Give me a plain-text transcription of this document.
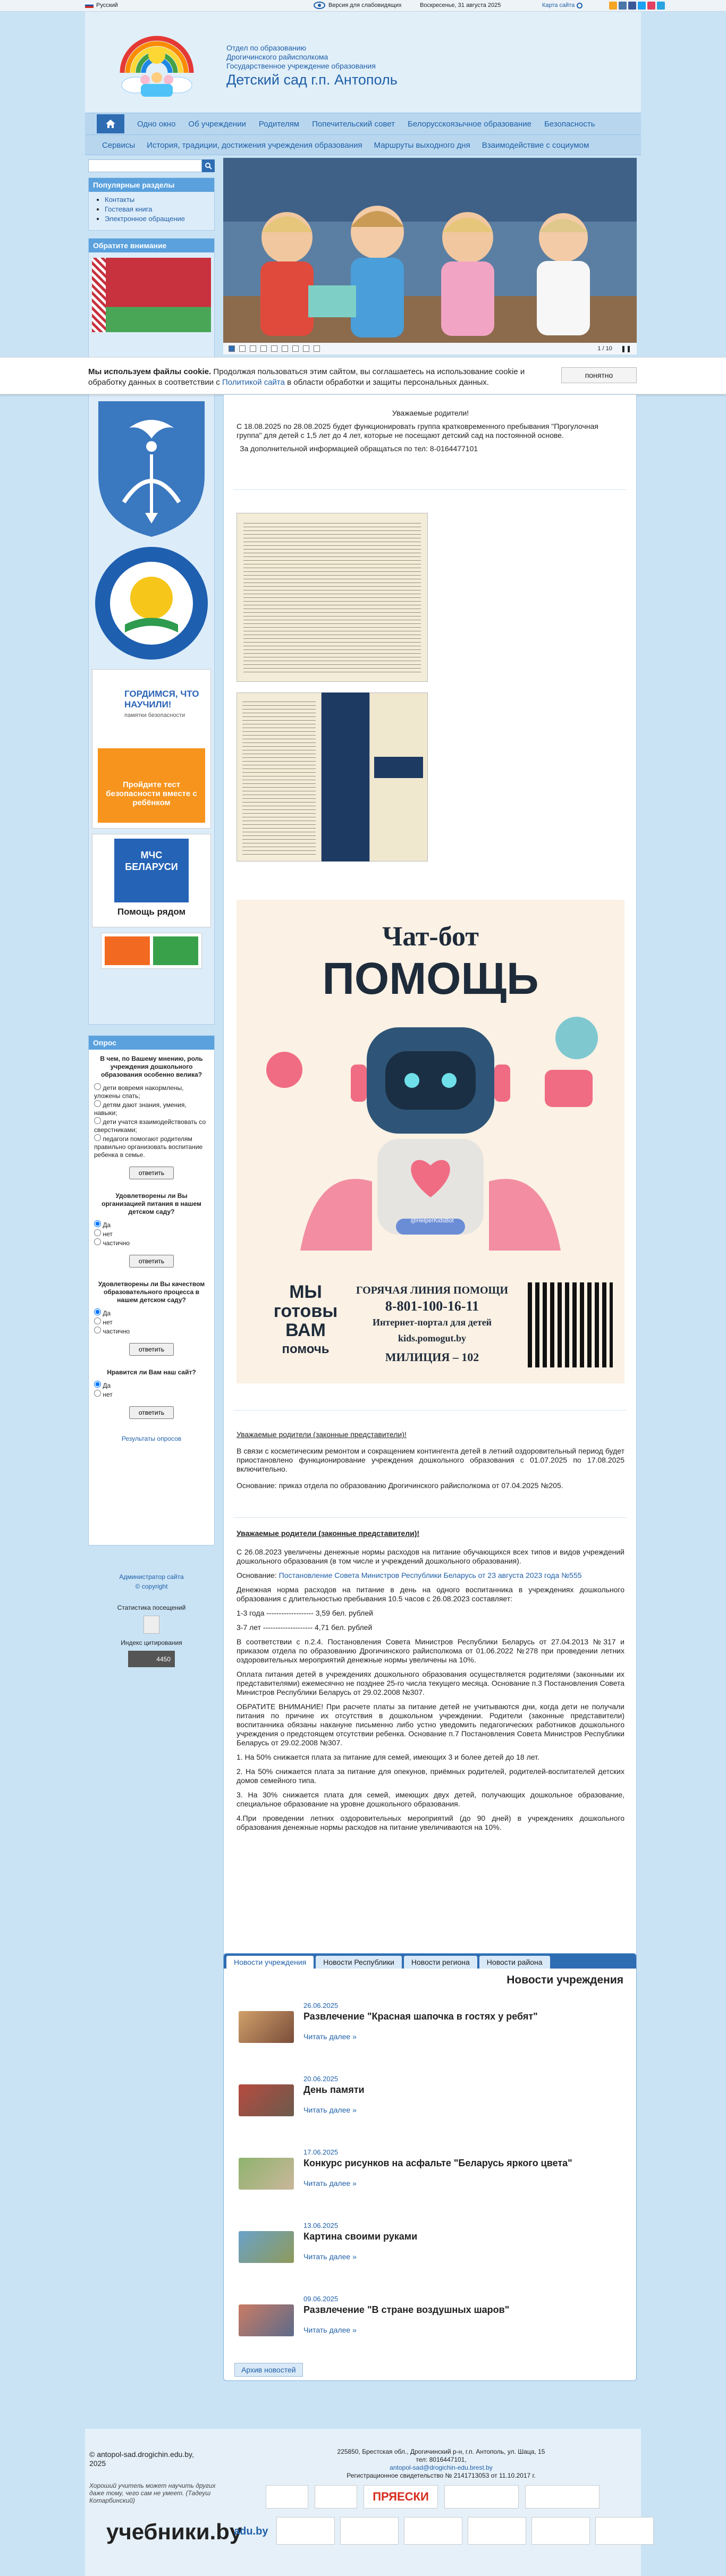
Русский	Версия для слабовидящих	Воскресенье, 31 августа 2025	Карта сайта
Отдел по образованию
Дрогичинского райисполкома
Государственное учреждение образования
Детский сад г.п. Антополь
Одно окно Об учреждении Родителям Попечительский совет Белорусскоязычное образование Безопасность
Сервисы История, традиции, достижения учреждения образования Маршруты выходного дня Взаимодействие с социумом
Популярные разделы
• Контакты
• Гостевая книга
• Электронное обращение
Обратите внимание
ГОРДИМСЯ, ЧТО НАУЧИЛИ!
памятки безопасности
Пройдите тест безопасности вместе с ребёнком
МЧС БЕЛАРУСИ
Помощь рядом
Опрос
В чем, по Вашему мнению, роль учреждения дошкольного образования особенно велика?
дети вовремя накормлены, уложены спать;
детям дают знания, умения, навыки;
дети учатся взаимодействовать со сверстниками;
педагоги помогают родителям правильно организовать воспитание ребенка в семье.
ответить
Удовлетворены ли Вы организацией питания в нашем детском саду?
Да
нет
частично
ответить
Удовлетворены ли Вы качеством образовательного процесса в нашем детском саду?
Да
нет
частично
ответить
Нравится ли Вам наш сайт?
Да
нет
ответить
Результаты опросов
Администратор сайта
© copyright
Статистика посещений
Индекс цитирования
4450
1 / 10 ❚❚
Мы используем файлы cookie. Продолжая пользоваться этим сайтом, вы соглашаетесь на использование cookie и обработку данных в соответствии с Политикой сайта в области обработки и защиты персональных данных.
понятно

Уважаемые родители!

С 18.08.2025 по 28.08.2025 будет функционировать группа кратковременного пребывания "Прогулочная группа" для детей с 1,5 лет до 4 лет, которые не посещают детский сад на постоянной основе.

За дополнительной информацией обращаться по тел: 8-0164477101

Чат-бот
ПОМОЩЬ
@HelperKidsBot
МЫ
готовы
ВАМ
помочь
ГОРЯЧАЯ ЛИНИЯ ПОМОЩИ
8-801-100-16-11
Интернет-портал для детей
kids.pomogut.by
МИЛИЦИЯ – 102

Уважаемые родители (законные представители)!

В связи с косметическим ремонтом и сокращением контингента детей в летний оздоровительный период будет приостановлено функционирование учреждения дошкольного образования с 01.07.2025 по 17.08.2025 включительно.

Основание: приказ отдела по образованию Дрогичинского райисполкома от 07.04.2025 №205.

Уважаемые родители (законные представители)!

С 26.08.2023 увеличены денежные нормы расходов на питание обучающихся всех типов и видов учреждений дошкольного образования (в том числе и учреждений дошкольного образования).

Основание: Постановление Совета Министров Республики Беларусь от 23 августа 2023 года №555

Денежная норма расходов на питание в день на одного воспитанника в учреждениях дошкольного образования с длительностью пребывания 10.5 часов с 26.08.2023 составляет:

1-3 года ------------------- 3,59 бел. рублей

3-7 лет -------------------- 4,71 бел. рублей

В соответствии с п.2.4. Постановления Совета Министров Республики Беларусь от 27.04.2013 №317 и приказом отдела по образованию Дрогичинского райисполкома от 01.06.2022 №278 при проведении летних оздоровительных мероприятий денежные нормы увеличены на 10%.

Оплата питания детей в учреждениях дошкольного образования осуществляется родителями (законными их представителями) ежемесячно не позднее 25-го числа текущего месяца. Основание п.3 Постановления Совета Министров Республики Беларусь от 29.02.2008 №307.

ОБРАТИТЕ ВНИМАНИЕ! При расчете платы за питание детей не учитываются дни, когда дети не получали питания по причине их отсутствия в дошкольном учреждении. Родители (законные представители) воспитанника обязаны накануне письменно либо устно уведомить педагогических работников дошкольного учреждения о предстоящем отсутствии ребенка. Основание п.7 Постановления Совета Министров Республики Беларусь от 29.02.2008 №307.

1. На 50% снижается плата за питание для семей, имеющих 3 и более детей до 18 лет.

2. На 50% снижается плата за питание для опекунов, приёмных родителей, родителей-воспитателей детских домов семейного типа.

3. На 30% снижается плата для семей, имеющих двух детей, получающих дошкольное образование, специальное образование на уровне дошкольного образования.

4.При проведении летних оздоровительных мероприятий (до 90 дней) в учреждениях дошкольного образования денежные нормы расходов на питание увеличиваются на 10%.

Новости учреждения	Новости Республики	Новости региона	Новости района
Новости учреждения
26.06.2025
Развлечение "Красная шапочка в гостях у ребят"
Читать далее »
20.06.2025
День памяти
Читать далее »
17.06.2025
Конкурс рисунков на асфальте "Беларусь яркого цвета"
Читать далее »
13.06.2025
Картина своими руками
Читать далее »
09.06.2025
Развлечение "В стране воздушных шаров"
Читать далее »
Архив новостей
© antopol-sad.drogichin.edu.by,
2025
Хороший учитель может научить других даже тому, чего сам не умеет. (Тадеуш Котарбинский)
225850, Брестская обл., Дрогичинский р-н, г.п. Антополь, ул. Шаца, 15
тел: 8016447101,
antopol-sad@drogichin-edu.brest.by
Регистрационное свидетельство № 2141713053 от 11.10.2017 г.
ПРЯЕСКИ
учебники.by
adu.by
